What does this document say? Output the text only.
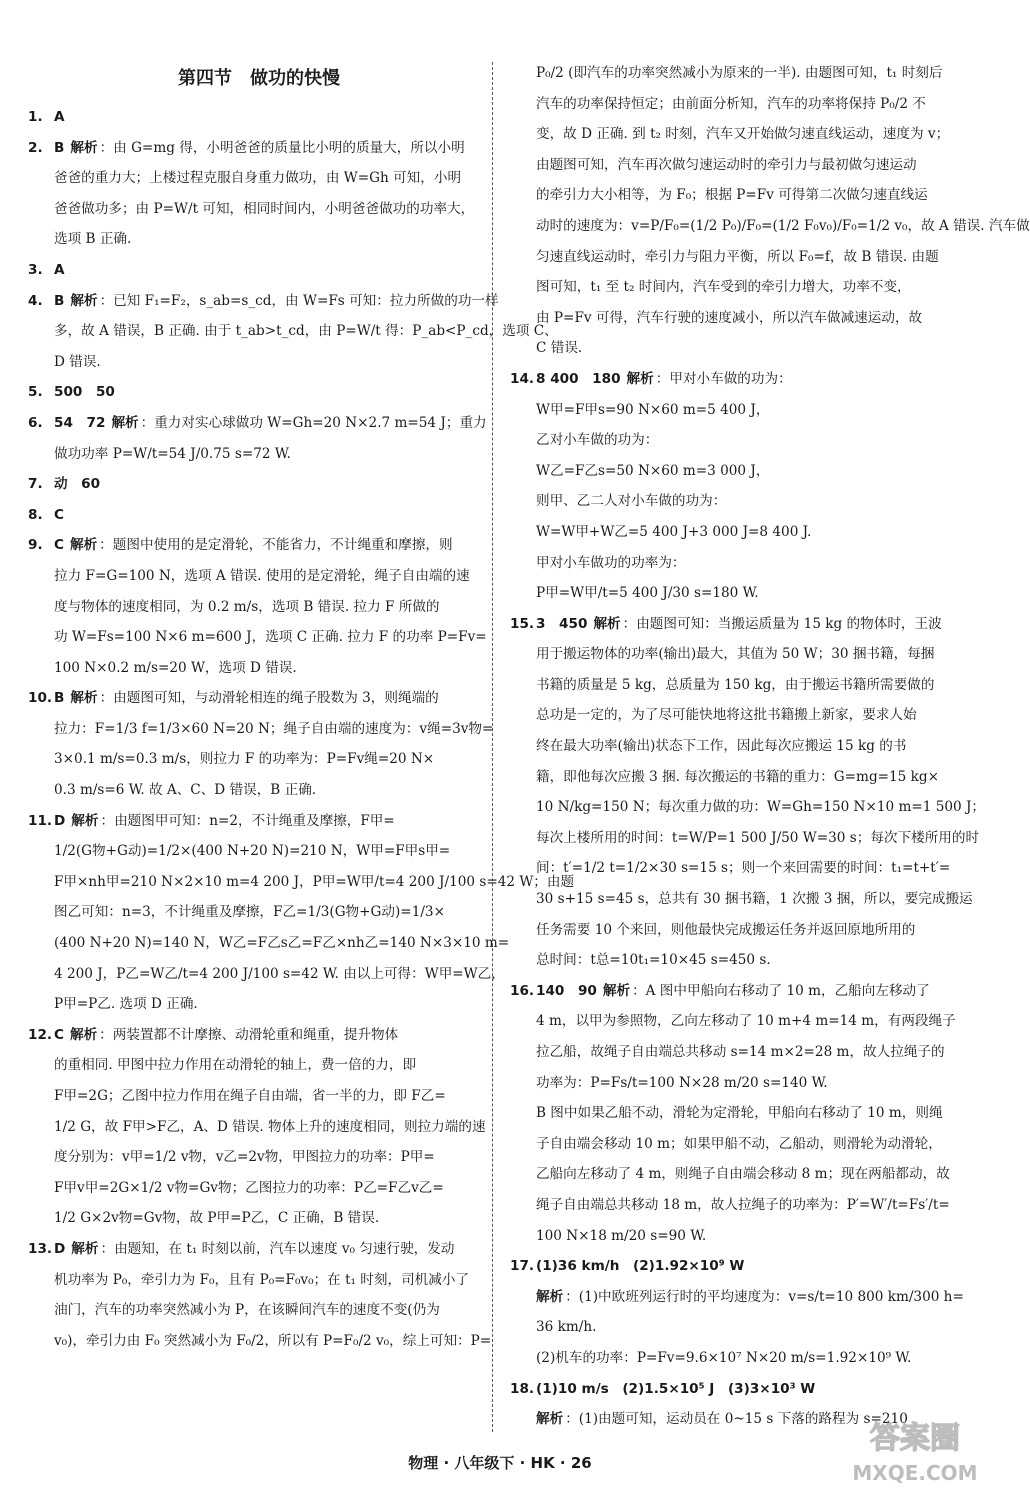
第四节　做功的快慢
1. A
2. B 解析 ：由 G=mg 得，小明爸爸的质量比小明的质量大，所以小明
爸爸的重力大；上楼过程克服自身重力做功，由 W=Gh 可知，小明
爸爸做功多；由 P=W/t 可知，相同时间内，小明爸爸做功的功率大，
选项 B 正确.
3. A
4. B 解析 ：已知 F₁=F₂，s_ab=s_cd，由 W=Fs 可知：拉力所做的功一样
多，故 A 错误，B 正确. 由于 t_ab>t_cd，由 P=W/t 得：P_ab<P_cd，选项 C、
D 错误.
5. 500　50
6. 54　72 解析 ：重力对实心球做功 W=Gh=20 N×2.7 m=54 J；重力
做功功率 P=W/t=54 J/0.75 s=72 W.
7. 动　60
8. C
9. C 解析 ：题图中使用的是定滑轮，不能省力，不计绳重和摩擦，则
拉力 F=G=100 N，选项 A 错误. 使用的是定滑轮，绳子自由端的速
度与物体的速度相同，为 0.2 m/s，选项 B 错误. 拉力 F 所做的
功 W=Fs=100 N×6 m=600 J，选项 C 正确. 拉力 F 的功率 P=Fv=
100 N×0.2 m/s=20 W，选项 D 错误.
10. B 解析 ：由题图可知，与动滑轮相连的绳子股数为 3，则绳端的
拉力：F=1/3 f=1/3×60 N=20 N；绳子自由端的速度为：v绳=3v物=
3×0.1 m/s=0.3 m/s，则拉力 F 的功率为：P=Fv绳=20 N×
0.3 m/s=6 W. 故 A、C、D 错误，B 正确.
11. D 解析 ：由题图甲可知：n=2，不计绳重及摩擦，F甲=
1/2(G物+G动)=1/2×(400 N+20 N)=210 N，W甲=F甲s甲=
F甲×nh甲=210 N×2×10 m=4 200 J，P甲=W甲/t=4 200 J/100 s=42 W；由题
图乙可知：n=3，不计绳重及摩擦，F乙=1/3(G物+G动)=1/3×
(400 N+20 N)=140 N，W乙=F乙s乙=F乙×nh乙=140 N×3×10 m=
4 200 J，P乙=W乙/t=4 200 J/100 s=42 W. 由以上可得：W甲=W乙，
P甲=P乙. 选项 D 正确.
12. C 解析 ：两装置都不计摩擦、动滑轮重和绳重，提升物体
的重相同. 甲图中拉力作用在动滑轮的轴上，费一倍的力，即
F甲=2G；乙图中拉力作用在绳子自由端，省一半的力，即 F乙=
1/2 G，故 F甲>F乙，A、D 错误. 物体上升的速度相同，则拉力端的速
度分别为：v甲=1/2 v物，v乙=2v物，甲图拉力的功率：P甲=
F甲v甲=2G×1/2 v物=Gv物；乙图拉力的功率：P乙=F乙v乙=
1/2 G×2v物=Gv物，故 P甲=P乙，C 正确，B 错误.
13. D 解析 ：由题知，在 t₁ 时刻以前，汽车以速度 v₀ 匀速行驶，发动
机功率为 P₀，牵引力为 F₀，且有 P₀=F₀v₀；在 t₁ 时刻，司机减小了
油门，汽车的功率突然减小为 P，在该瞬间汽车的速度不变(仍为
v₀)，牵引力由 F₀ 突然减小为 F₀/2，所以有 P=F₀/2 v₀，综上可知：P=
P₀/2 (即汽车的功率突然减小为原来的一半). 由题图可知，t₁ 时刻后
汽车的功率保持恒定；由前面分析知，汽车的功率将保持 P₀/2 不
变，故 D 正确. 到 t₂ 时刻，汽车又开始做匀速直线运动，速度为 v；
由题图可知，汽车再次做匀速运动时的牵引力与最初做匀速运动
的牵引力大小相等，为 F₀；根据 P=Fv 可得第二次做匀速直线运
动时的速度为：v=P/F₀=(1/2 P₀)/F₀=(1/2 F₀v₀)/F₀=1/2 v₀，故 A 错误. 汽车做
匀速直线运动时，牵引力与阻力平衡，所以 F₀=f，故 B 错误. 由题
图可知，t₁ 至 t₂ 时间内，汽车受到的牵引力增大，功率不变，
由 P=Fv 可得，汽车行驶的速度减小，所以汽车做减速运动，故
C 错误.
14. 8 400　180 解析 ：甲对小车做的功为：
W甲=F甲s=90 N×60 m=5 400 J，
乙对小车做的功为：
W乙=F乙s=50 N×60 m=3 000 J，
则甲、乙二人对小车做的功为：
W=W甲+W乙=5 400 J+3 000 J=8 400 J.
甲对小车做功的功率为：
P甲=W甲/t=5 400 J/30 s=180 W.
15. 3　450 解析 ：由题图可知：当搬运质量为 15 kg 的物体时，王波
用于搬运物体的功率(输出)最大，其值为 50 W；30 捆书籍，每捆
书籍的质量是 5 kg，总质量为 150 kg，由于搬运书籍所需要做的
总功是一定的，为了尽可能快地将这批书籍搬上新家，要求人始
终在最大功率(输出)状态下工作，因此每次应搬运 15 kg 的书
籍，即他每次应搬 3 捆. 每次搬运的书籍的重力：G=mg=15 kg×
10 N/kg=150 N；每次重力做的功：W=Gh=150 N×10 m=1 500 J；
每次上楼所用的时间：t=W/P=1 500 J/50 W=30 s；每次下楼所用的时
间：t′=1/2 t=1/2×30 s=15 s；则一个来回需要的时间：t₁=t+t′=
30 s+15 s=45 s，总共有 30 捆书籍，1 次搬 3 捆，所以，要完成搬运
任务需要 10 个来回，则他最快完成搬运任务并返回原地所用的
总时间：t总=10t₁=10×45 s=450 s.
16. 140　90 解析 ：A 图中甲船向右移动了 10 m，乙船向左移动了
4 m，以甲为参照物，乙向左移动了 10 m+4 m=14 m，有两段绳子
拉乙船，故绳子自由端总共移动 s=14 m×2=28 m，故人拉绳子的
功率为：P=Fs/t=100 N×28 m/20 s=140 W.
B 图中如果乙船不动，滑轮为定滑轮，甲船向右移动了 10 m，则绳
子自由端会移动 10 m；如果甲船不动，乙船动，则滑轮为动滑轮，
乙船向左移动了 4 m，则绳子自由端会移动 8 m；现在两船都动，故
绳子自由端总共移动 18 m，故人拉绳子的功率为：P′=W′/t=Fs′/t=
100 N×18 m/20 s=90 W.
17. (1)36 km/h　(2)1.92×10⁹ W
解析 ：(1)中欧班列运行时的平均速度为：v=s/t=10 800 km/300 h=
36 km/h.
(2)机车的功率：P=Fv=9.6×10⁷ N×20 m/s=1.92×10⁹ W.
18. (1)10 m/s　(2)1.5×10⁵ J　(3)3×10³ W
解析 ：(1)由题可知，运动员在 0~15 s 下落的路程为 s=210
物理 · 八年级下 · HK · 26
答案圈
MXQE.COM
